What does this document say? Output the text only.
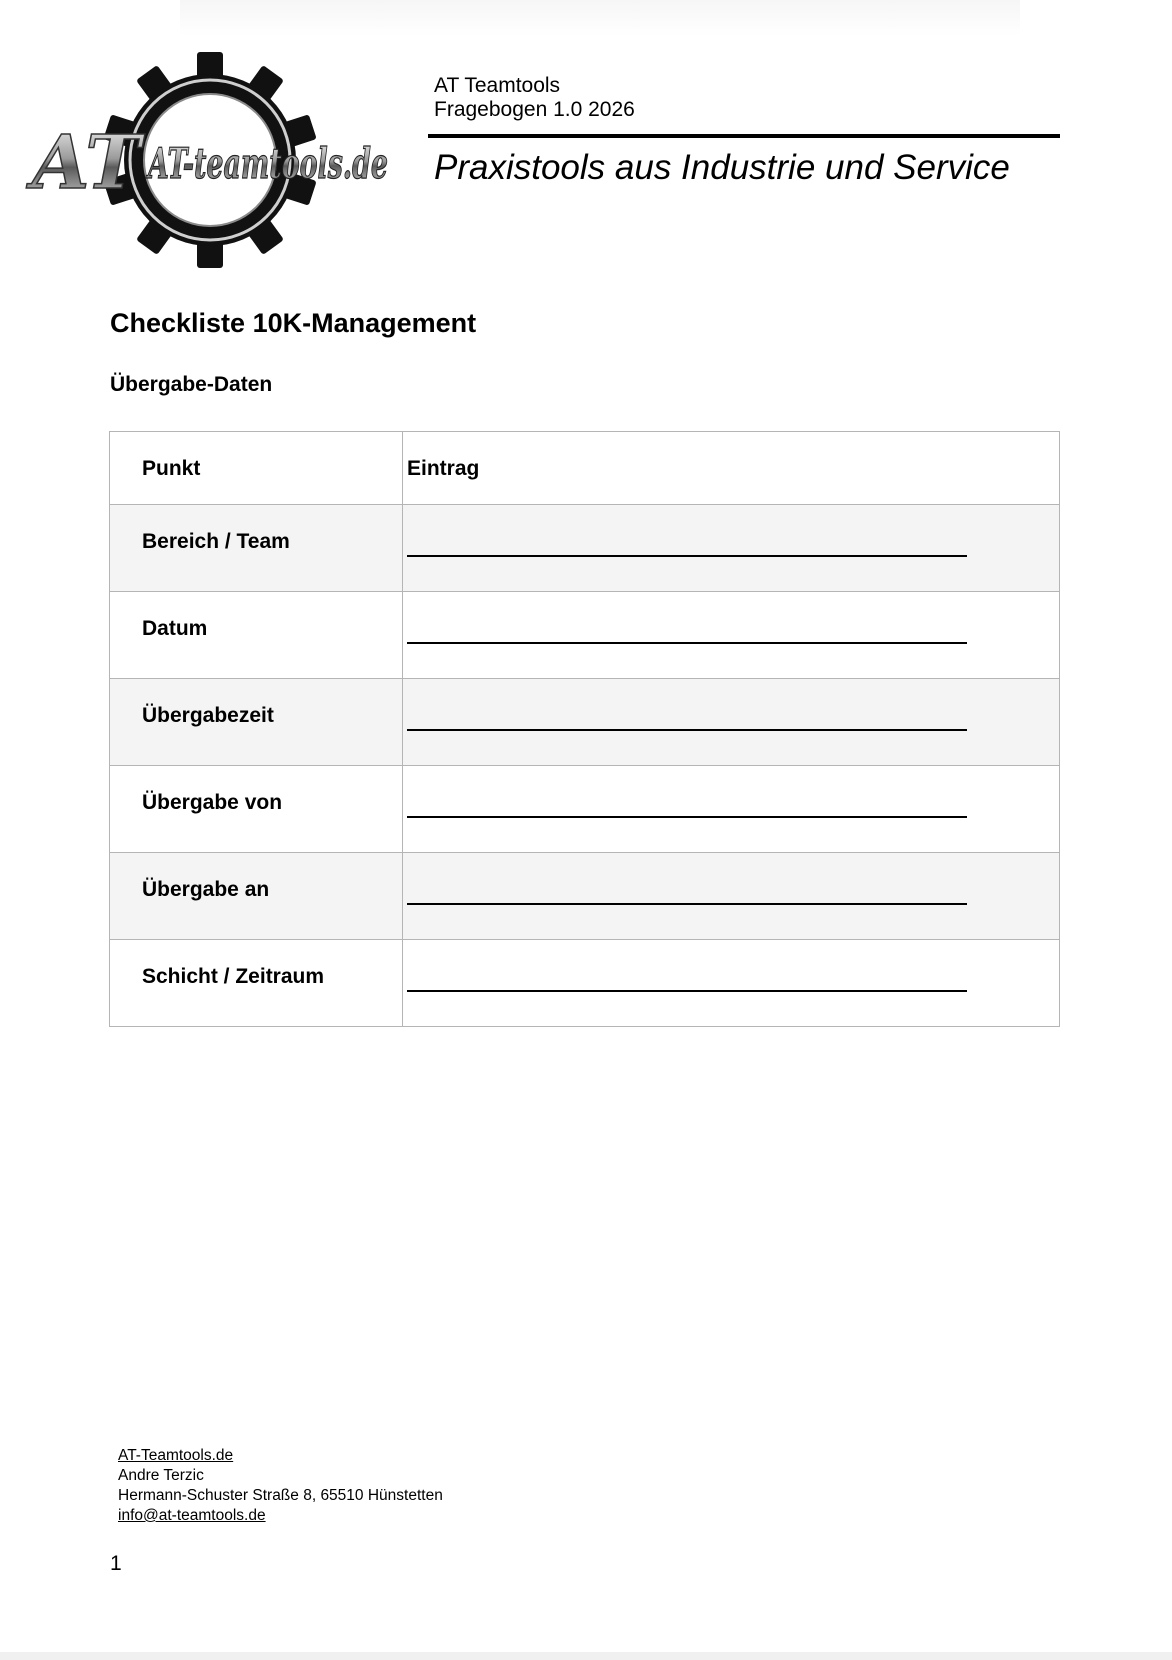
AT AT-teamtools.de
AT Teamtools
Fragebogen 1.0 2026
Praxistools aus Industrie und Service
Checkliste 10K-Management
Übergabe-Daten
Punkt	Eintrag

Bereich / Team	

Datum	

Übergabezeit	

Übergabe von	

Übergabe an	

Schicht / Zeitraum	

AT-Teamtools.de
Andre Terzic
Hermann-Schuster Straße 8, 65510 Hünstetten
info@at-teamtools.de
1
